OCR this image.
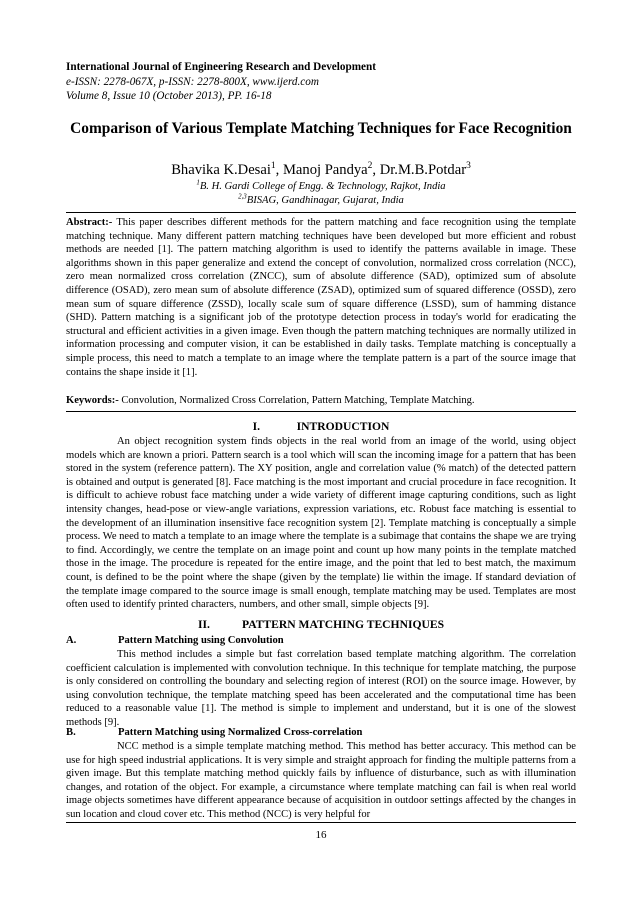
International Journal of Engineering Research and Development
e-ISSN: 2278-067X, p-ISSN: 2278-800X, www.ijerd.com
Volume 8, Issue 10 (October 2013), PP. 16-18
Comparison of Various Template Matching Techniques for Face Recognition
Bhavika K.Desai$^1$, Manoj Pandya$^2$, Dr.M.B.Potdar$^3$
$^1$B. H. Gardi College of Engg. & Technology, Rajkot, India
$^{2,3}$BISAG, Gandhinagar, Gujarat, India
Abstract:- This paper describes different methods for the pattern matching and face recognition using the template matching technique. Many different pattern matching techniques have been developed but more efficient and robust methods are needed [1]. The pattern matching algorithm is used to identify the patterns available in image. These algorithms shown in this paper generalize and extend the concept of convolution, normalized cross correlation (NCC), zero mean normalized cross correlation (ZNCC), sum of absolute difference (SAD), optimized sum of absolute difference (OSAD), zero mean sum of absolute difference (ZSAD), optimized sum of squared difference (OSSD), zero mean sum of square difference (ZSSD), locally scale sum of square difference (LSSD), sum of hamming distance (SHD). Pattern matching is a significant job of the prototype detection process in today's world for eradicating the structural and efficient activities in a given image. Even though the pattern matching techniques are normally utilized in information processing and computer vision, it can be established in daily tasks. Template matching is conceptually a simple process, this need to match a template to an image where the template pattern is a part of the source image that contains the shape inside it [1].
Keywords:- Convolution, Normalized Cross Correlation, Pattern Matching, Template Matching.
I.	INTRODUCTION
An object recognition system finds objects in the real world from an image of the world, using object models which are known a priori. Pattern search is a tool which will scan the incoming image for a pattern that has been stored in the system (reference pattern). The XY position, angle and correlation value (% match) of the detected pattern is obtained and output is generated [8]. Face matching is the most important and crucial procedure in face recognition. It is difficult to achieve robust face matching under a wide variety of different image capturing conditions, such as light intensity changes, head-pose or view-angle variations, expression variations, etc. Robust face matching is essential to the development of an illumination insensitive face recognition system [2]. Template matching is conceptually a simple process. We need to match a template to an image where the template is a subimage that contains the shape we are trying to find. Accordingly, we centre the template on an image point and count up how many points in the template matched those in the image. The procedure is repeated for the entire image, and the point that led to best match, the maximum count, is defined to be the point where the shape (given by the template) lie within the image. If standard deviation of the template image compared to the source image is small enough, template matching may be used. Templates are most often used to identify printed characters, numbers, and other small, simple objects [9].
II.	PATTERN MATCHING TECHNIQUES
A.	Pattern Matching using Convolution
This method includes a simple but fast correlation based template matching algorithm. The correlation coefficient calculation is implemented with convolution technique. In this technique for template matching, the purpose is only considered on controlling the boundary and selecting region of interest (ROI) on the source image. However, by using convolution technique, the template matching speed has been accelerated and the computational time has been reduced to a reasonable value [1]. The method is simple to implement and understand, but it is one of the slowest methods [9].
B.	Pattern Matching using Normalized Cross-correlation
NCC method is a simple template matching method. This method has better accuracy. This method can be use for high speed industrial applications. It is very simple and straight approach for finding the multiple patterns from a given image. But this template matching method quickly fails by influence of disturbance, such as with illumination changes, and rotation of the object. For example, a circumstance where template matching can fail is when real world image objects sometimes have different appearance because of acquisition in outdoor settings affected by the changes in sun location and cloud cover etc. This method (NCC) is very helpful for
16
